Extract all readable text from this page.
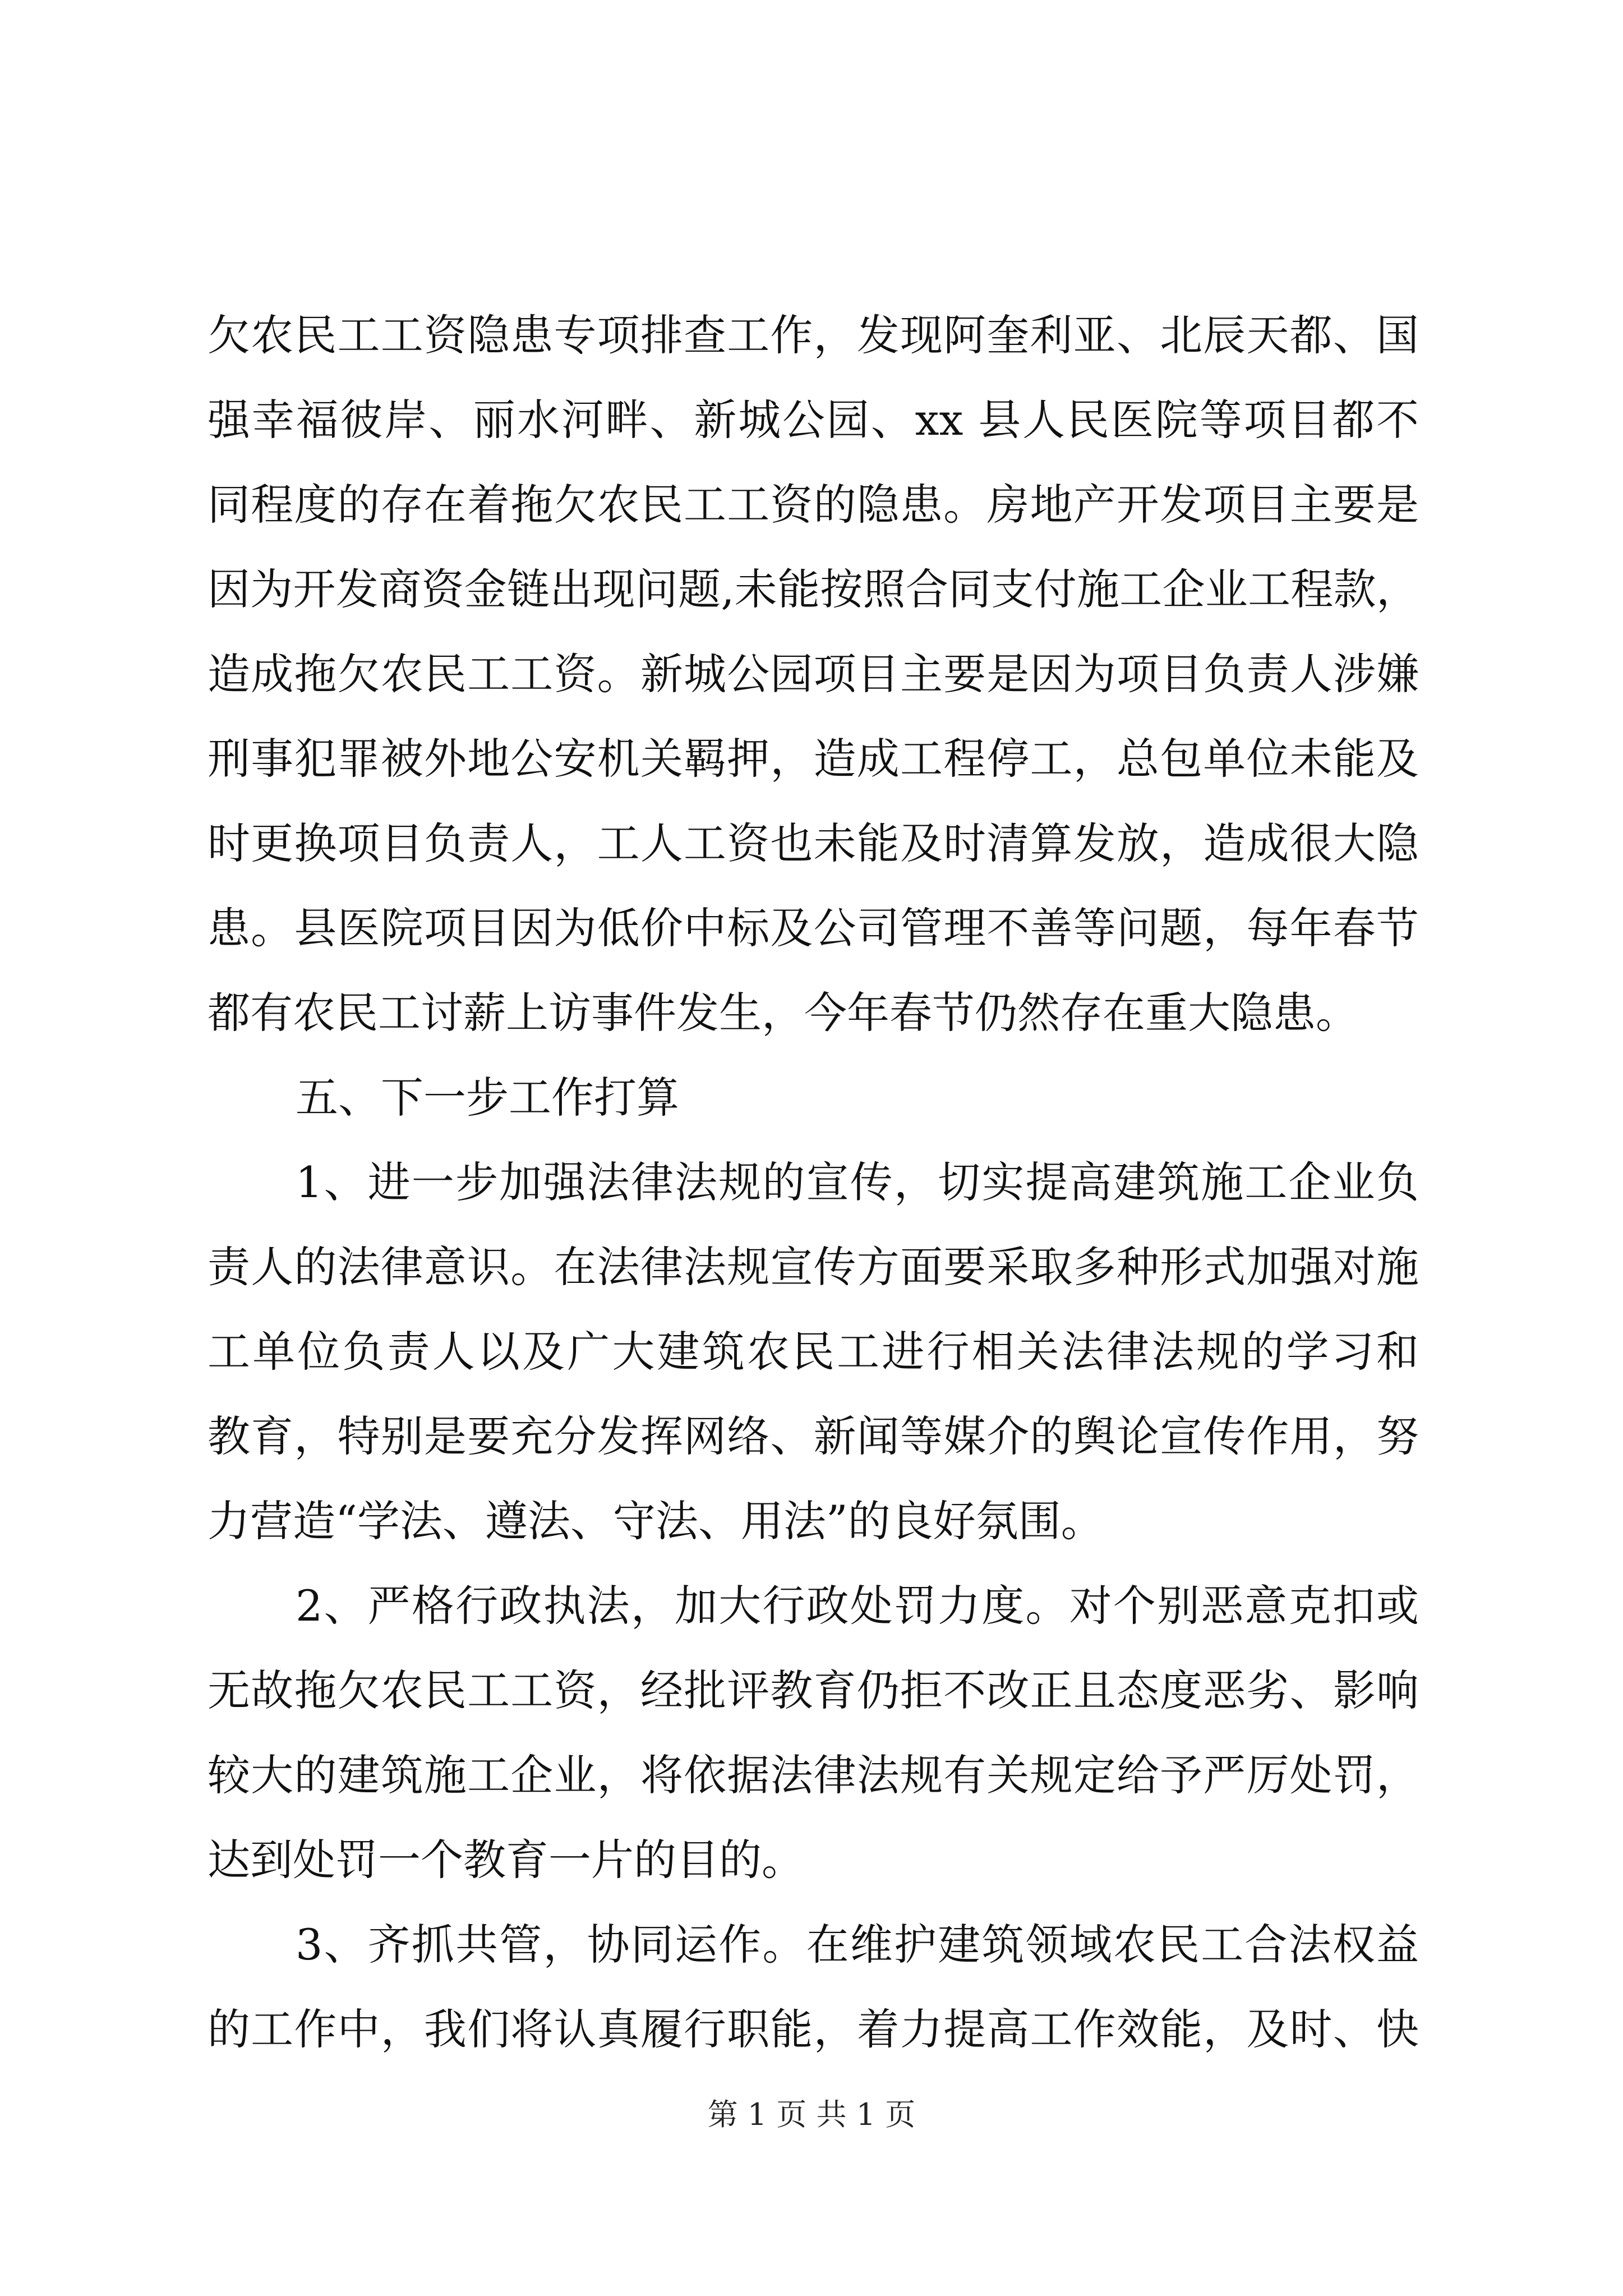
欠农民工工资隐患专项排查工作，发现阿奎利亚、北辰天都、国
强幸福彼岸、丽水河畔、新城公园、xx 县人民医院等项目都不
同程度的存在着拖欠农民工工资的隐患。房地产开发项目主要是
因为开发商资金链出现问题,未能按照合同支付施工企业工程款，
造成拖欠农民工工资。新城公园项目主要是因为项目负责人涉嫌
刑事犯罪被外地公安机关羁押，造成工程停工，总包单位未能及
时更换项目负责人，工人工资也未能及时清算发放，造成很大隐
患。县医院项目因为低价中标及公司管理不善等问题，每年春节
都有农民工讨薪上访事件发生，今年春节仍然存在重大隐患。
五、下一步工作打算
1、进一步加强法律法规的宣传，切实提高建筑施工企业负
责人的法律意识。在法律法规宣传方面要采取多种形式加强对施
工单位负责人以及广大建筑农民工进行相关法律法规的学习和
教育，特别是要充分发挥网络、新闻等媒介的舆论宣传作用，努
力营造“学法、遵法、守法、用法”的良好氛围。
2、严格行政执法，加大行政处罚力度。对个别恶意克扣或
无故拖欠农民工工资，经批评教育仍拒不改正且态度恶劣、影响
较大的建筑施工企业，将依据法律法规有关规定给予严厉处罚，
达到处罚一个教育一片的目的。
3、齐抓共管，协同运作。在维护建筑领域农民工合法权益
的工作中，我们将认真履行职能，着力提高工作效能，及时、快
第 1 页 共 1 页
